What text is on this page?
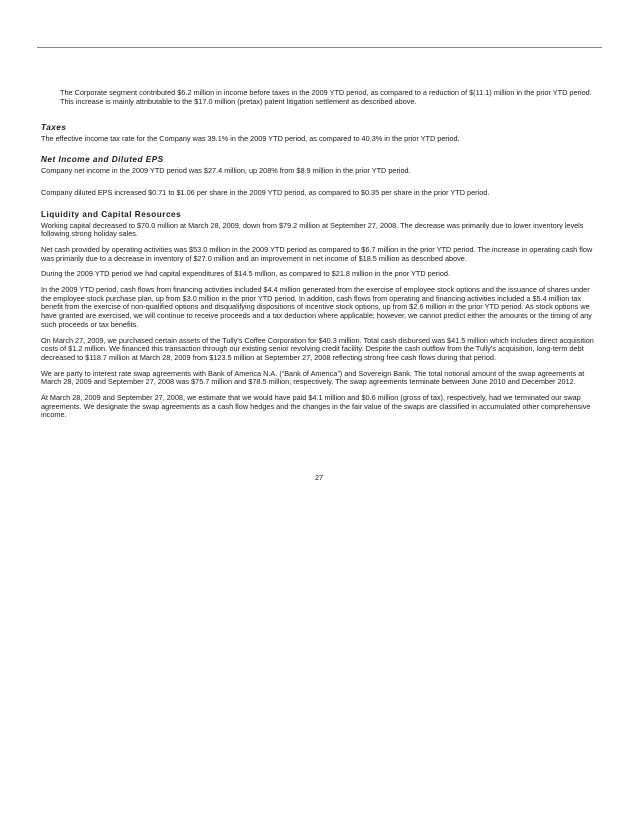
The Corporate segment contributed $6.2 million in income before taxes in the 2009 YTD period, as compared to a reduction of $(11.1) million in the prior YTD period. This increase is mainly attributable to the $17.0 million (pretax) patent litigation settlement as described above.

Taxes

The effective income tax rate for the Company was 39.1% in the 2009 YTD period, as compared to 40.3% in the prior YTD period.

Net Income and Diluted EPS

Company net income in the 2009 YTD period was $27.4 million, up 208% from $8.9 million in the prior YTD period.

Company diluted EPS increased $0.71 to $1.06 per share in the 2009 YTD period, as compared to $0.35 per share in the prior YTD period.

Liquidity and Capital Resources

Working capital decreased to $70.0 million at March 28, 2009, down from $79.2 million at September 27, 2008. The decrease was primarily due to lower inventory levels following strong holiday sales.

Net cash provided by operating activities was $53.0 million in the 2009 YTD period as compared to $6.7 million in the prior YTD period. The increase in operating cash flow was primarily due to a decrease in inventory of $27.0 million and an improvement in net income of $18.5 million as described above.

During the 2009 YTD period we had capital expenditures of $14.5 million, as compared to $21.8 million in the prior YTD period.

In the 2009 YTD period, cash flows from financing activities included $4.4 million generated from the exercise of employee stock options and the issuance of shares under the employee stock purchase plan, up from $3.0 million in the prior YTD period. In addition, cash flows from operating and financing activities included a $5.4 million tax benefit from the exercise of non-qualified options and disqualifying dispositions of incentive stock options, up from $2.6 million in the prior YTD period. As stock options we have granted are exercised, we will continue to receive proceeds and a tax deduction where applicable; however, we cannot predict either the amounts or the timing of any such proceeds or tax benefits.

On March 27, 2009, we purchased certain assets of the Tully’s Coffee Corporation for $40.3 million. Total cash disbursed was $41.5 million which includes direct acquisition costs of $1.2 million. We financed this transaction through our existing senior revolving credit facility. Despite the cash outflow from the Tully’s acquisition, long-term debt decreased to $118.7 million at March 28, 2009 from $123.5 million at September 27, 2008 reflecting strong free cash flows during that period.

We are party to interest rate swap agreements with Bank of America N.A. (“Bank of America”) and Sovereign Bank. The total notional amount of the swap agreements at March 28, 2009 and September 27, 2008 was $75.7 million and $78.5 million, respectively. The swap agreements terminate between June 2010 and December 2012.

At March 28, 2009 and September 27, 2008, we estimate that we would have paid $4.1 million and $0.6 million (gross of tax), respectively, had we terminated our swap agreements. We designate the swap agreements as a cash flow hedges and the changes in the fair value of the swaps are classified in accumulated other comprehensive income.

27
